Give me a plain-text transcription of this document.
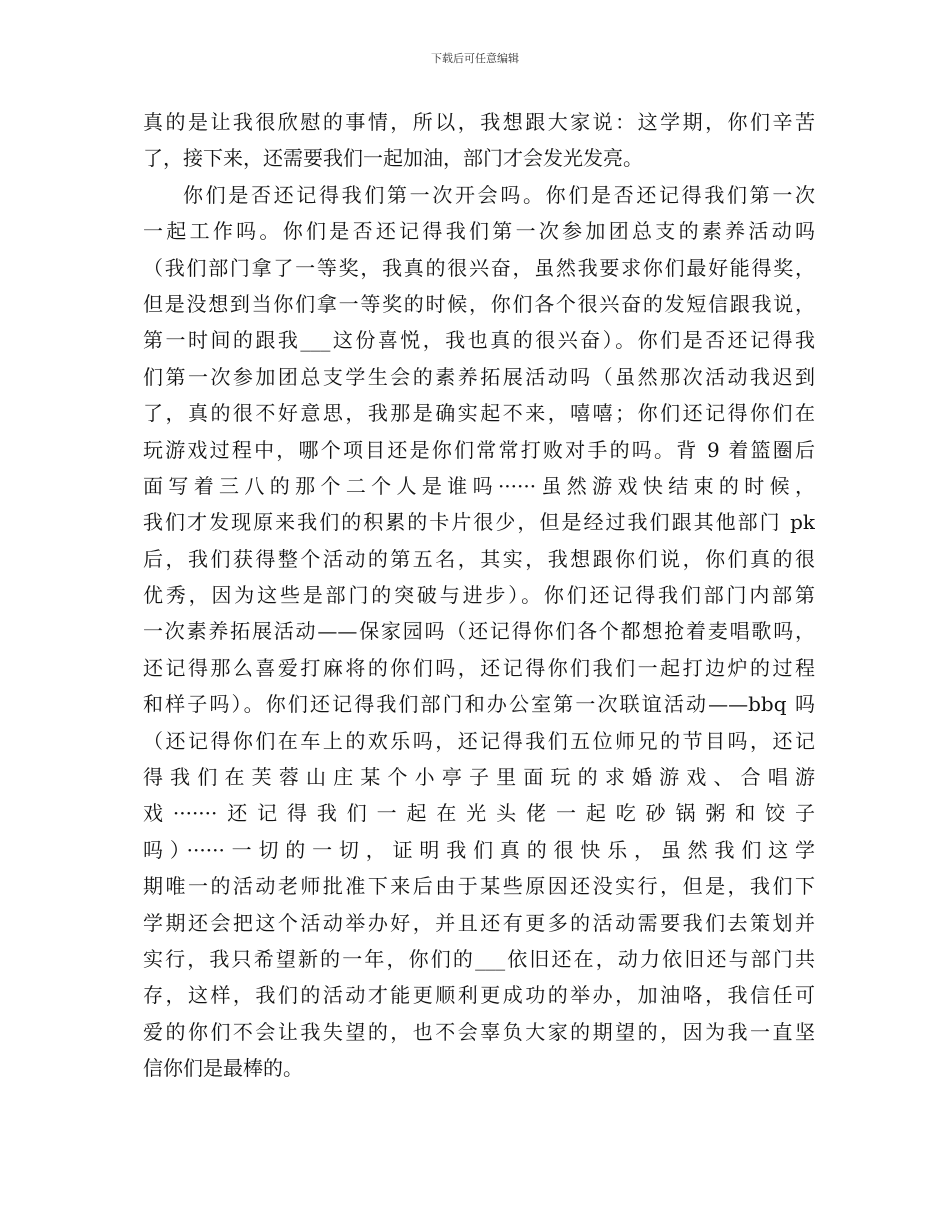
下载后可任意编辑
真的是让我很欣慰的事情，所以，我想跟大家说：这学期，你们辛苦
了，接下来，还需要我们一起加油，部门才会发光发亮。
你们是否还记得我们第一次开会吗。你们是否还记得我们第一次
一起工作吗。你们是否还记得我们第一次参加团总支的素养活动吗
（我们部门拿了一等奖，我真的很兴奋，虽然我要求你们最好能得奖，
但是没想到当你们拿一等奖的时候，你们各个很兴奋的发短信跟我说，
第一时间的跟我___这份喜悦，我也真的很兴奋）。你们是否还记得我
们第一次参加团总支学生会的素养拓展活动吗（虽然那次活动我迟到
了，真的很不好意思，我那是确实起不来，嘻嘻；你们还记得你们在
玩游戏过程中，哪个项目还是你们常常打败对手的吗。背 9 着篮圈后
面写着三八的那个二个人是谁吗······虽然游戏快结束的时候，
我们才发现原来我们的积累的卡片很少，但是经过我们跟其他部门 pk
后，我们获得整个活动的第五名，其实，我想跟你们说，你们真的很
优秀，因为这些是部门的突破与进步）。你们还记得我们部门内部第
一次素养拓展活动——保家园吗（还记得你们各个都想抢着麦唱歌吗，
还记得那么喜爱打麻将的你们吗，还记得你们我们一起打边炉的过程
和样子吗）。你们还记得我们部门和办公室第一次联谊活动——bbq 吗
（还记得你们在车上的欢乐吗，还记得我们五位师兄的节目吗，还记
得我们在芙蓉山庄某个小亭子里面玩的求婚游戏、合唱游
戏·······还记得我们一起在光头佬一起吃砂锅粥和饺子
吗）······一切的一切，证明我们真的很快乐，虽然我们这学
期唯一的活动老师批准下来后由于某些原因还没实行，但是，我们下
学期还会把这个活动举办好，并且还有更多的活动需要我们去策划并
实行，我只希望新的一年，你们的___依旧还在，动力依旧还与部门共
存，这样，我们的活动才能更顺利更成功的举办，加油咯，我信任可
爱的你们不会让我失望的，也不会辜负大家的期望的，因为我一直坚
信你们是最棒的。
